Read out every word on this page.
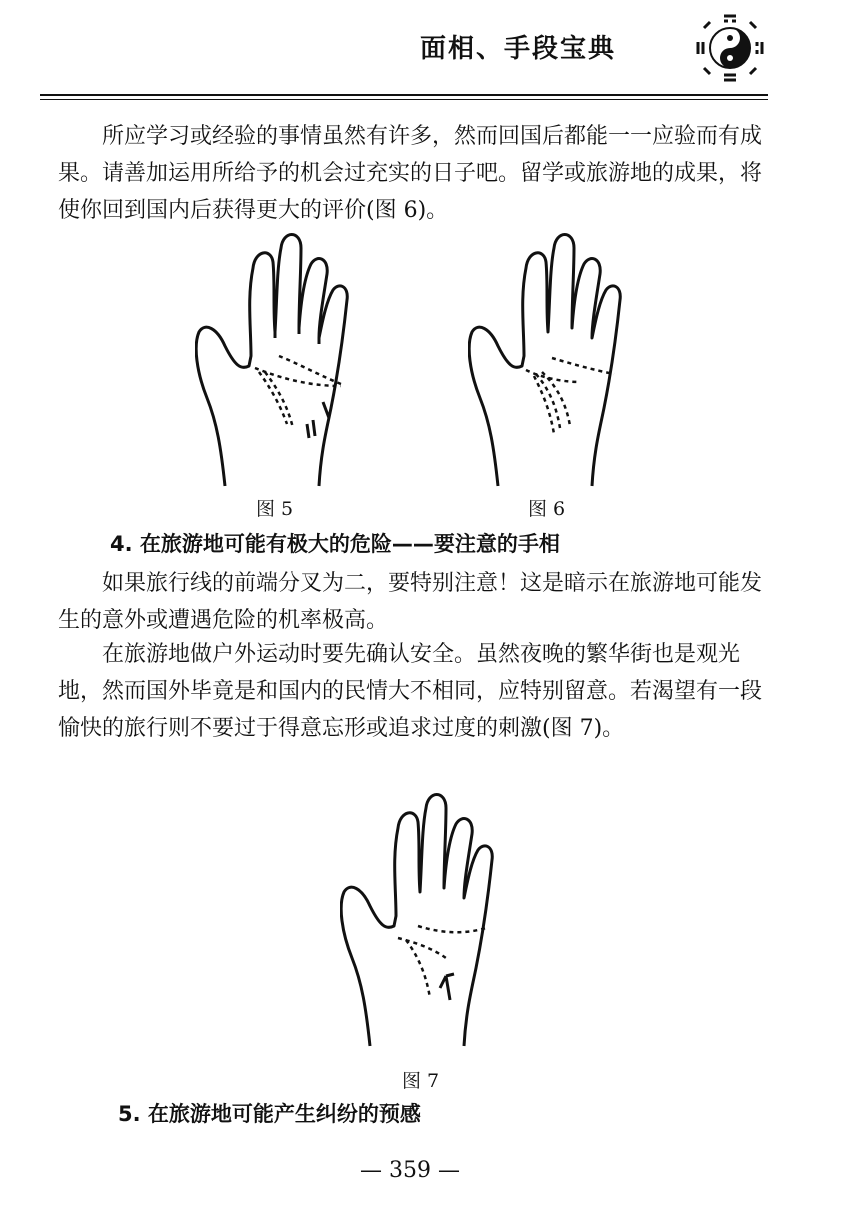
面相、手段宝典

所应学习或经验的事情虽然有许多，然而回国后都能一一应验而有成果。请善加运用所给予的机会过充实的日子吧。留学或旅游地的成果，将使你回到国内后获得更大的评价(图 6)。

图 5	图 6
4. 在旅游地可能有极大的危险——要注意的手相

如果旅行线的前端分叉为二，要特别注意！这是暗示在旅游地可能发生的意外或遭遇危险的机率极高。

在旅游地做户外运动时要先确认安全。虽然夜晚的繁华街也是观光地，然而国外毕竟是和国内的民情大不相同，应特别留意。若渴望有一段愉快的旅行则不要过于得意忘形或追求过度的刺激(图 7)。

图 7
5. 在旅游地可能产生纠纷的预感
— 359 —
